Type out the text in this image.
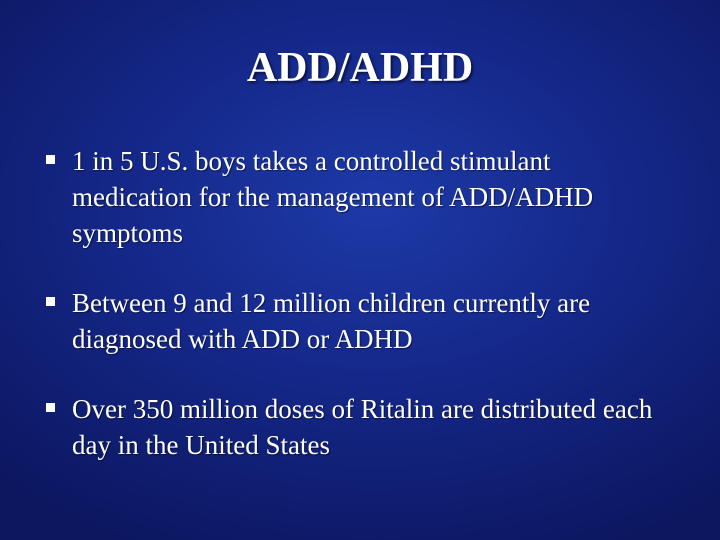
ADD/ADHD
1 in 5 U.S. boys takes a controlled stimulant medication for the management of ADD/ADHD symptoms
Between 9 and 12 million children currently are diagnosed with ADD or ADHD
Over 350 million doses of Ritalin are distributed each day in the United States
